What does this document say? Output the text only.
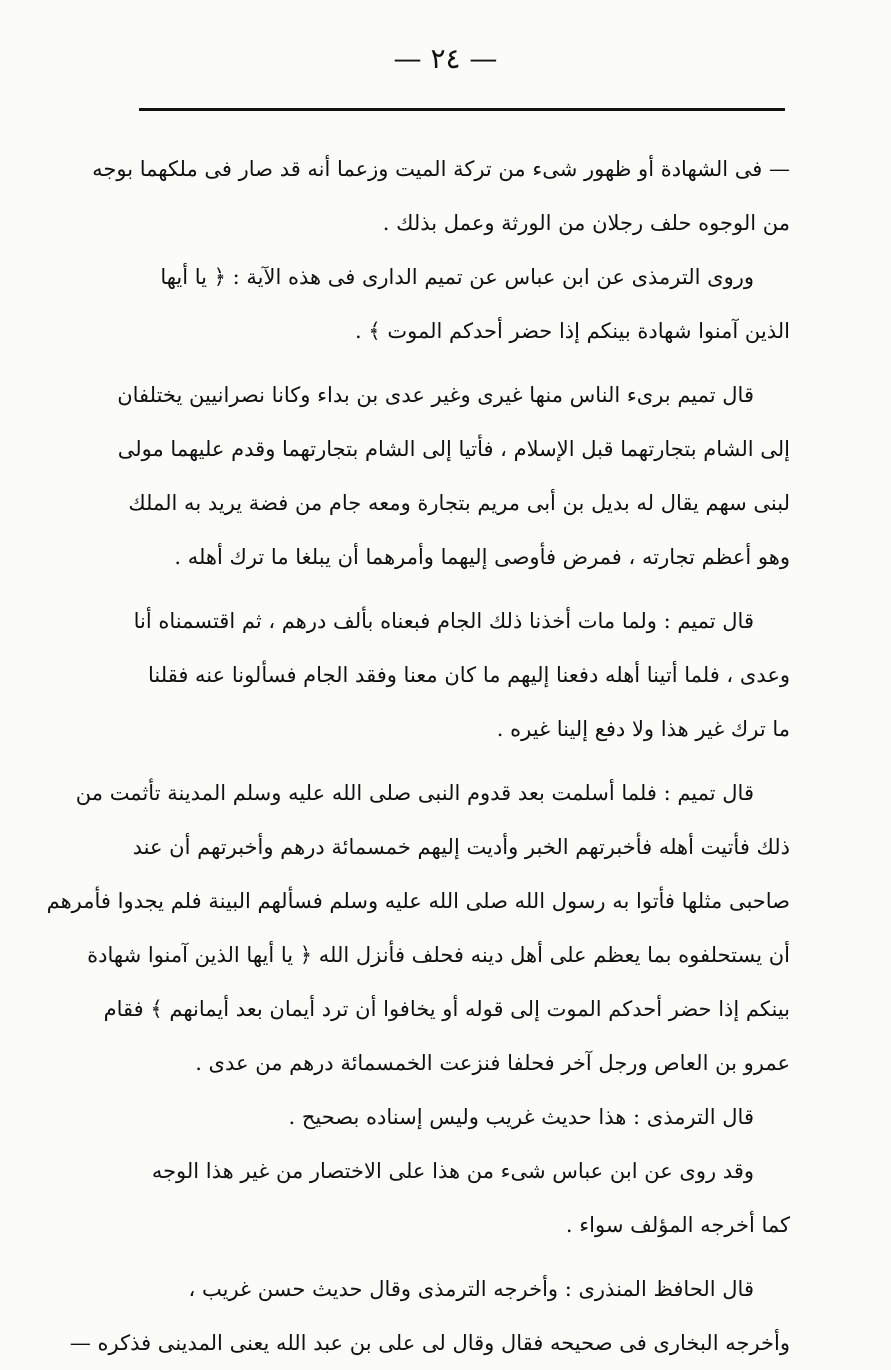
— ٢٤ —
— فى الشهادة أو ظهور شىء من تركة الميت وزعما أنه قد صار فى ملكهما بوجه
من الوجوه حلف رجلان من الورثة وعمل بذلك .
وروى الترمذى عن ابن عباس عن تميم الدارى فى هذه الآية : ﴿ يا أيها
الذين آمنوا شهادة بينكم إذا حضر أحدكم الموت ﴾ .
قال تميم برىء الناس منها غيرى وغير عدى بن بداء وكانا نصرانيين يختلفان
إلى الشام بتجارتهما قبل الإسلام ، فأتيا إلى الشام بتجارتهما وقدم عليهما مولى
لبنى سهم يقال له بديل بن أبى مريم بتجارة ومعه جام من فضة يريد به الملك
وهو أعظم تجارته ، فمرض فأوصى إليهما وأمرهما أن يبلغا ما ترك أهله .
قال تميم : ولما مات أخذنا ذلك الجام فبعناه بألف درهم ، ثم اقتسمناه أنا
وعدى ، فلما أتينا أهله دفعنا إليهم ما كان معنا وفقد الجام فسألونا عنه فقلنا
ما ترك غير هذا ولا دفع إلينا غيره .
قال تميم : فلما أسلمت بعد قدوم النبى صلى الله عليه وسلم المدينة تأثمت من
ذلك فأتيت أهله فأخبرتهم الخبر وأديت إليهم خمسمائة درهم وأخبرتهم أن عند
صاحبى مثلها فأتوا به رسول الله صلى الله عليه وسلم فسألهم البينة فلم يجدوا فأمرهم
أن يستحلفوه بما يعظم على أهل دينه فحلف فأنزل الله ﴿ يا أيها الذين آمنوا شهادة
بينكم إذا حضر أحدكم الموت إلى قوله أو يخافوا أن ترد أيمان بعد أيمانهم ﴾ فقام
عمرو بن العاص ورجل آخر فحلفا فنزعت الخمسمائة درهم من عدى .
قال الترمذى : هذا حديث غريب وليس إسناده بصحيح .
وقد روى عن ابن عباس شىء من هذا على الاختصار من غير هذا الوجه
كما أخرجه المؤلف سواء .
قال الحافظ المنذرى : وأخرجه الترمذى وقال حديث حسن غريب ،
وأخرجه البخارى فى صحيحه فقال وقال لى على بن عبد الله يعنى المدينى فذكره —
